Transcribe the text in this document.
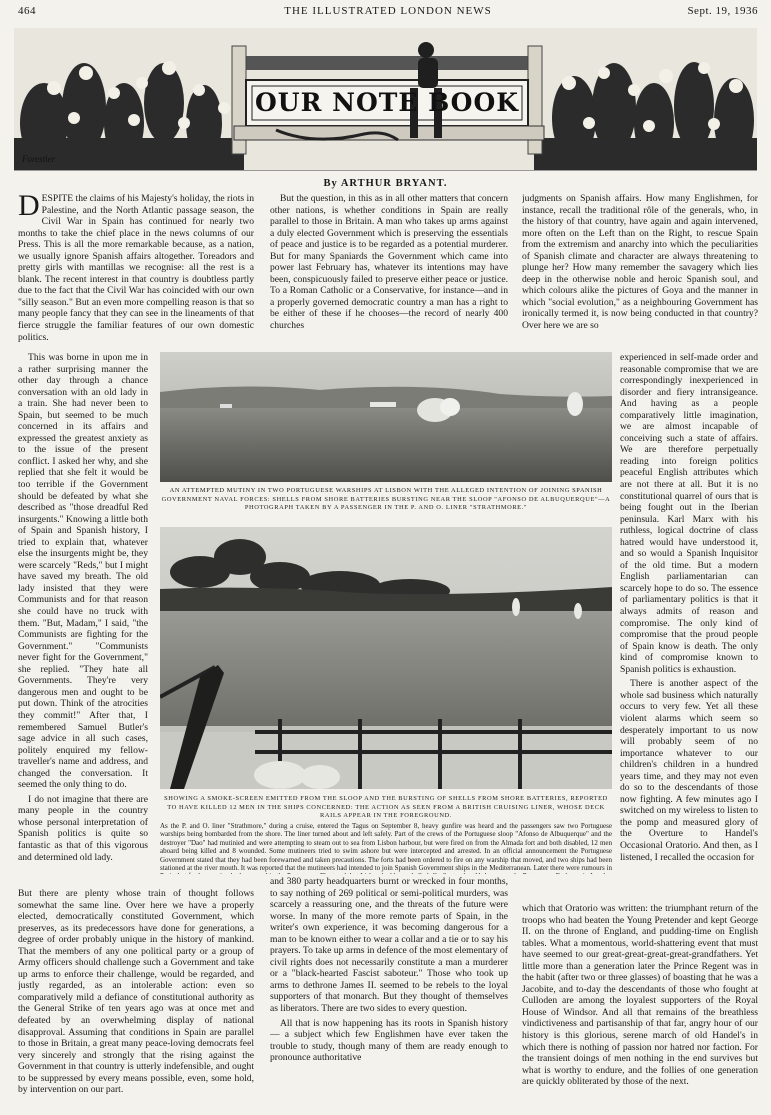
464	THE ILLUSTRATED LONDON NEWS	Sept. 19, 1936
OUR NOTE BOOK
Forestier
By ARTHUR BRYANT.

DESPITE the claims of his Majesty's holiday, the riots in Palestine, and the North Atlantic passage season, the Civil War in Spain has continued for nearly two months to take the chief place in the news columns of our Press. This is all the more remarkable because, as a nation, we usually ignore Spanish affairs altogether. Toreadors and pretty girls with mantillas we recognise: all the rest is a blank. The recent interest in that country is doubtless partly due to the fact that the Civil War has coincided with our own "silly season." But an even more compelling reason is that so many people fancy that they can see in the lineaments of that fierce struggle the familiar features of our own domestic politics.

But the question, in this as in all other matters that concern other nations, is whether conditions in Spain are really parallel to those in Britain. A man who takes up arms against a duly elected Government which is preserving the essentials of peace and justice is to be regarded as a potential murderer. But for many Spaniards the Government which came into power last February has, whatever its intentions may have been, conspicuously failed to preserve either peace or justice. To a Roman Catholic or a Conservative, for instance—and in a properly governed democratic country a man has a right to be either of these if he chooses—the record of nearly 400 churches

judgments on Spanish affairs. How many Englishmen, for instance, recall the traditional rôle of the generals, who, in the history of that country, have again and again intervened, more often on the Left than on the Right, to rescue Spain from the extremism and anarchy into which the peculiarities of Spanish climate and character are always threatening to plunge her? How many remember the savagery which lies deep in the otherwise noble and heroic Spanish soul, and which colours alike the pictures of Goya and the manner in which "social evolution," as a neighbouring Government has ironically termed it, is now being conducted in that country? Over here we are so

This was borne in upon me in a rather surprising manner the other day through a chance conversation with an old lady in a train. She had never been to Spain, but seemed to be much concerned in its affairs and expressed the greatest anxiety as to the issue of the present conflict. I asked her why, and she replied that she felt it would be too terrible if the Government should be defeated by what she described as "those dreadful Red insurgents." Knowing a little both of Spain and Spanish history, I tried to explain that, whatever else the insurgents might be, they were scarcely "Reds," but I might have saved my breath. The old lady insisted that they were Communists and for that reason she could have no truck with them. "But, Madam," I said, "the Communists are fighting for the Government." "Communists never fight for the Government," she replied. "They hate all Governments. They're very dangerous men and ought to be put down. Think of the atrocities they commit!" After that, I remembered Samuel Butler's sage advice in all such cases, politely enquired my fellow-traveller's name and address, and changed the conversation. It seemed the only thing to do.

I do not imagine that there are many people in the country whose personal interpretation of Spanish politics is quite so fantastic as that of this vigorous and determined old lady.

experienced in self-made order and reasonable compromise that we are correspondingly inexperienced in disorder and fiery intransigeance. And having as a people comparatively little imagination, we are almost incapable of conceiving such a state of affairs. We are therefore perpetually reading into foreign politics peaceful English attributes which are not there at all. But it is no constitutional quarrel of ours that is being fought out in the Iberian peninsula. Karl Marx with his ruthless, logical doctrine of class hatred would have understood it, and so would a Spanish Inquisitor of the old time. But a modern English parliamentarian can scarcely hope to do so. The essence of parliamentary politics is that it always admits of reason and compromise. The only kind of compromise that the proud people of Spain know is death. The only kind of compromise known to Spanish politics is exhaustion.

There is another aspect of the whole sad business which naturally occurs to very few. Yet all these violent alarms which seem so desperately important to us now will probably seem of no importance whatever to our children's children in a hundred years time, and they may not even do so to the descendants of those now fighting. A few minutes ago I switched on my wireless to listen to the pomp and measured glory of the Overture to Handel's Occasional Oratorio. And then, as I listened, I recalled the occasion for

AN ATTEMPTED MUTINY IN TWO PORTUGUESE WARSHIPS AT LISBON WITH THE ALLEGED INTENTION OF JOINING SPANISH GOVERNMENT NAVAL FORCES: SHELLS FROM SHORE BATTERIES BURSTING NEAR THE SLOOP "AFONSO DE ALBUQUERQUE"—A PHOTOGRAPH TAKEN BY A PASSENGER IN THE P. AND O. LINER "STRATHMORE."
SHOWING A SMOKE-SCREEN EMITTED FROM THE SLOOP AND THE BURSTING OF SHELLS FROM SHORE BATTERIES, REPORTED TO HAVE KILLED 12 MEN IN THE SHIPS CONCERNED: THE ACTION AS SEEN FROM A BRITISH CRUISING LINER, WHOSE DECK RAILS APPEAR IN THE FOREGROUND.
As the P. and O. liner "Strathmore," during a cruise, entered the Tagus on September 8, heavy gunfire was heard and the passengers saw two Portuguese warships being bombarded from the shore. The liner turned about and left safely. Part of the crews of the Portuguese sloop "Afonso de Albuquerque" and the destroyer "Dao" had mutinied and were attempting to steam out to sea from Lisbon harbour, but were fired on from the Almada fort and both disabled, 12 men aboard being killed and 8 wounded. Some mutineers tried to swim ashore but were intercepted and arrested. In an official announcement the Portuguese Government stated that they had been forewarned and taken precautions. The forts had been ordered to fire on any warship that moved, and two ships had been stationed at the river mouth. It was reported that the mutineers had intended to join Spanish Government ships in the Mediterranean. Later there were rumours in

But there are plenty whose train of thought follows somewhat the same line. Over here we have a properly elected, democratically constituted Government, which preserves, as its predecessors have done for generations, a degree of order probably unique in the history of mankind. That the members of any one political party or a group of Army officers should challenge such a Government and take up arms to enforce their challenge, would be regarded, and justly regarded, as an intolerable action: even so comparatively mild a defiance of constitutional authority as the General Strike of ten years ago was at once met and defeated by an overwhelming display of national disapproval. Assuming that conditions in Spain are parallel to those in Britain, a great many peace-loving democrats feel very sincerely and strongly that the rising against the Government in that country is utterly indefensible, and ought to be suppressed by every means possible, even, some hold, by intervention on our part.

and 380 party headquarters burnt or wrecked in four months, to say nothing of 269 political or semi-political murders, was scarcely a reassuring one, and the threats of the future were worse. In many of the more remote parts of Spain, in the writer's own experience, it was becoming dangerous for a man to be known either to wear a collar and a tie or to say his prayers. To take up arms in defence of the most elementary of civil rights does not necessarily constitute a man a murderer or a "black-hearted Fascist saboteur." Those who took up arms to dethrone James II. seemed to be rebels to the loyal supporters of that monarch. But they thought of themselves as liberators. There are two sides to every question.

All that is now happening has its roots in Spanish history — a subject which few Englishmen have ever taken the trouble to study, though many of them are ready enough to pronounce authoritative

which that Oratorio was written: the triumphant return of the troops who had beaten the Young Pretender and kept George II. on the throne of England, and pudding-time on English tables. What a momentous, world-shattering event that must have seemed to our great-great-great-great-grandfathers. Yet little more than a generation later the Prince Regent was in the habit (after two or three glasses) of boasting that he was a Jacobite, and to-day the descendants of those who fought at Culloden are among the loyalest supporters of the Royal House of Windsor. And all that remains of the breathless vindictiveness and partisanship of that far, angry hour of our history is this glorious, serene march of old Handel's in which there is nothing of passion nor hatred nor faction. For the transient doings of men nothing in the end survives but what is worthy to endure, and the follies of one generation are quickly obliterated by those of the next.
